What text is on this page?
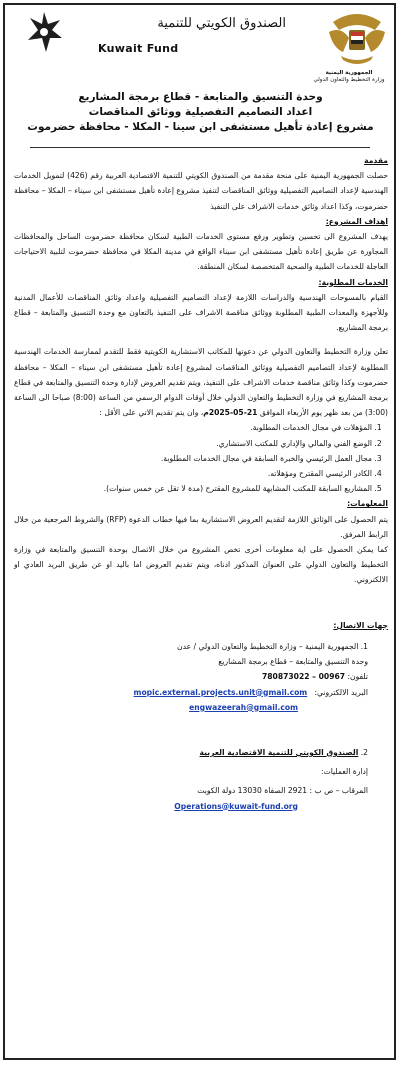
الجمهورية اليمنية
وزارة التخطيط والتعاون الدولي
الصندوق الكويتي للتنمية
Kuwait Fund
وحدة التنسيق والمتابعة - قطاع برمجة المشاريع
اعداد التصاميم التفصيلية ووثائق المناقصات
مشروع إعادة تأهيل مستشفى ابن سينا - المكلا - محافظة حضرموت

مقدمة

حصلت الجمهورية اليمنية على منحة مقدمة من الصندوق الكويتي للتنمية الاقتصادية العربية رقم (426) لتمويل الخدمات الهندسية لإعداد التصاميم التفصيلية ووثائق المناقصات لتنفيذ مشروع إعادة تأهيل مستشفى ابن سيناء – المكلا – محافظة حضرموت، وكذا اعداد وثائق خدمات الاشراف على التنفيذ

اهداف المشروع:

يهدف المشروع الى تحسين وتطوير ورفع مستوى الخدمات الطبية لسكان محافظة حضرموت الساحل والمحافظات المجاورة عن طريق إعادة تأهيل مستشفى ابن سيناء الواقع في مدينة المكلا في محافظة حضرموت لتلبية الاحتياجات العاجلة للخدمات الطبية والصحية المتخصصة لسكان المنطقة.

الخدمات المطلوبة:

القيام بالمسوحات الهندسية والدراسات اللازمة لإعداد التصاميم التفصيلية واعداد وثائق المناقصات للأعمال المدنية وللأجهزة والمعدات الطبية المطلوبة ووثائق مناقصة الاشراف على التنفيذ بالتعاون مع وحدة التنسيق والمتابعة – قطاع برمجة المشاريع.

تعلن وزارة التخطيط والتعاون الدولي عن دعوتها للمكاتب الاستشارية الكويتية فقط للتقدم لممارسة الخدمات الهندسية المطلوبة لإعداد التصاميم التفصيلية ووثائق المناقصات لمشروع إعادة تأهيل مستشفى ابن سيناء – المكلا – محافظة حضرموت وكذا وثائق مناقصة خدمات الاشراف على التنفيذ، ويتم تقديم العروض لإدارة وحدة التنسيق والمتابعة في قطاع برمجة المشاريع في وزارة التخطيط والتعاون الدولي خلال أوقات الدوام الرسمي من الساعة (8:00) صباحا الى الساعة (3:00) من بعد ظهر يوم الأربعاء الموافق 21-05-2025م، وان يتم تقديم الاتي على الأقل :

1. المؤهلات في مجال الخدمات المطلوبة.
2. الوضع الفني والمالي والإداري للمكتب الاستشاري.
3. مجال العمل الرئيسي والخبرة السابقة في مجال الخدمات المطلوبة.
4. الكادر الرئيسي المقترح ومؤهلاته.
5. المشاريع السابقة للمكتب المشابهة للمشروع المقترح (مدة لا تقل عن خمس سنوات).

المعلومات:

يتم الحصول على الوثائق اللازمة لتقديم العروض الاستشارية بما فيها خطاب الدعوة (RFP) والشروط المرجعية من خلال الرابط المرفق.

كما يمكن الحصول على اية معلومات أخرى تخص المشروع من خلال الاتصال بوحدة التنسيق والمتابعة في وزارة التخطيط والتعاون الدولي على العنوان المذكور ادناه، ويتم تقديم العروض اما باليد او عن طريق البريد العادي او الالكتروني.

جهات الاتصال:

1. الجمهورية اليمنية – وزارة التخطيط والتعاون الدولي / عدن

وحدة التنسيق والمتابعة – قطاع برمجة المشاريع

تلفون: 780873022 – 00967

البريد الالكتروني:   mopic.external.projects.unit@gmail.com

engwazeerah@gmail.com

2. الصندوق الكويتي للتنمية الاقتصادية العربية

إدارة العمليات:

المرقاب – ص ب : 2921 الصفاة 13030 دولة الكويت

Operations@kuwait-fund.org
